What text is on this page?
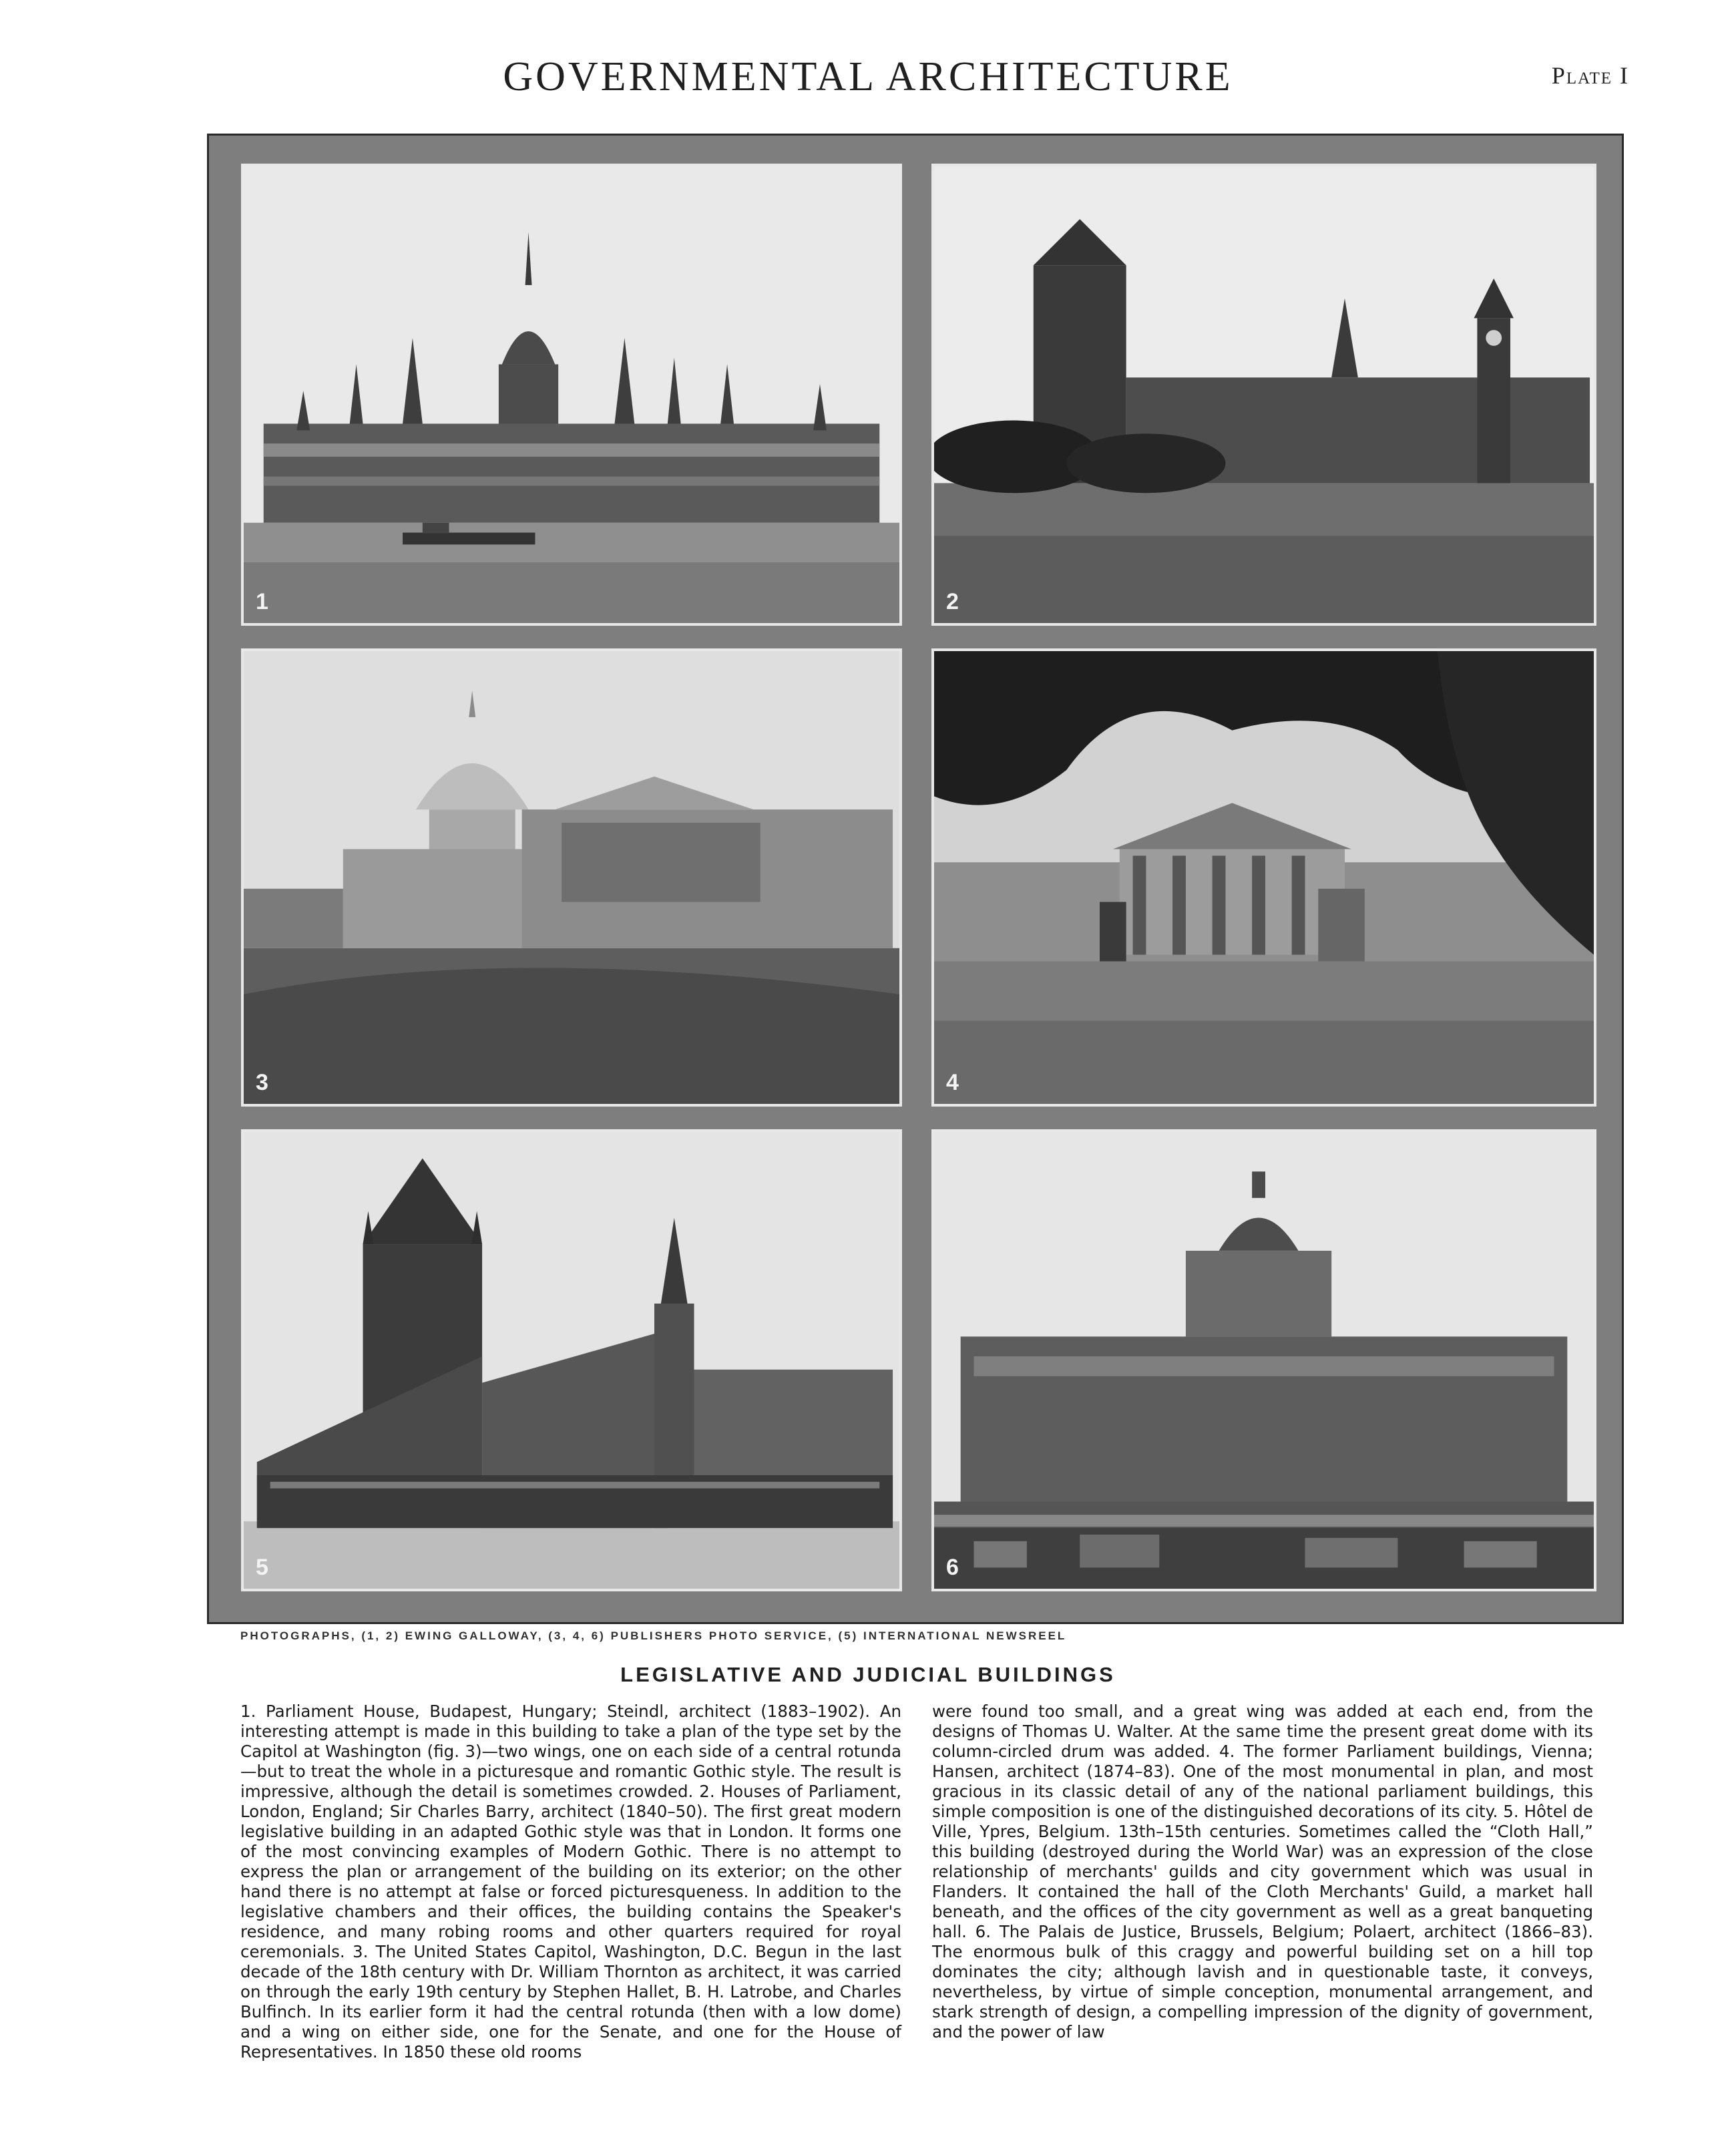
GOVERNMENTAL ARCHITECTURE	Plate I
1	2
3	4
5	6
PHOTOGRAPHS, (1, 2) EWING GALLOWAY, (3, 4, 6) PUBLISHERS PHOTO SERVICE, (5) INTERNATIONAL NEWSREEL
LEGISLATIVE AND JUDICIAL BUILDINGS
1. Parliament House, Budapest, Hungary; Steindl, architect (1883–1902). An interesting attempt is made in this building to take a plan of the type set by the Capitol at Washington (fig. 3)—two wings, one on each side of a central rotunda—but to treat the whole in a picturesque and romantic Gothic style. The result is impressive, although the detail is sometimes crowded. 2. Houses of Parliament, London, England; Sir Charles Barry, architect (1840–50). The first great modern legislative building in an adapted Gothic style was that in London. It forms one of the most convincing examples of Modern Gothic. There is no attempt to express the plan or arrangement of the building on its exterior; on the other hand there is no attempt at false or forced picturesqueness. In addition to the legislative chambers and their offices, the building contains the Speaker's residence, and many robing rooms and other quarters required for royal ceremonials. 3. The United States Capitol, Washington, D.C. Begun in the last decade of the 18th century with Dr. William Thornton as architect, it was carried on through the early 19th century by Stephen Hallet, B. H. Latrobe, and Charles Bulfinch. In its earlier form it had the central rotunda (then with a low dome) and a wing on either side, one for the Senate, and one for the House of Representatives. In 1850 these old rooms
were found too small, and a great wing was added at each end, from the designs of Thomas U. Walter. At the same time the present great dome with its column-circled drum was added. 4. The former Parliament buildings, Vienna; Hansen, architect (1874–83). One of the most monumental in plan, and most gracious in its classic detail of any of the national parliament buildings, this simple composition is one of the distinguished decorations of its city. 5. Hôtel de Ville, Ypres, Belgium. 13th–15th centuries. Sometimes called the “Cloth Hall,” this building (destroyed during the World War) was an expression of the close relationship of merchants' guilds and city government which was usual in Flanders. It contained the hall of the Cloth Merchants' Guild, a market hall beneath, and the offices of the city government as well as a great banqueting hall. 6. The Palais de Justice, Brussels, Belgium; Polaert, architect (1866–83). The enormous bulk of this craggy and powerful building set on a hill top dominates the city; although lavish and in questionable taste, it conveys, nevertheless, by virtue of simple conception, monumental arrangement, and stark strength of design, a compelling impression of the dignity of government, and the power of law
